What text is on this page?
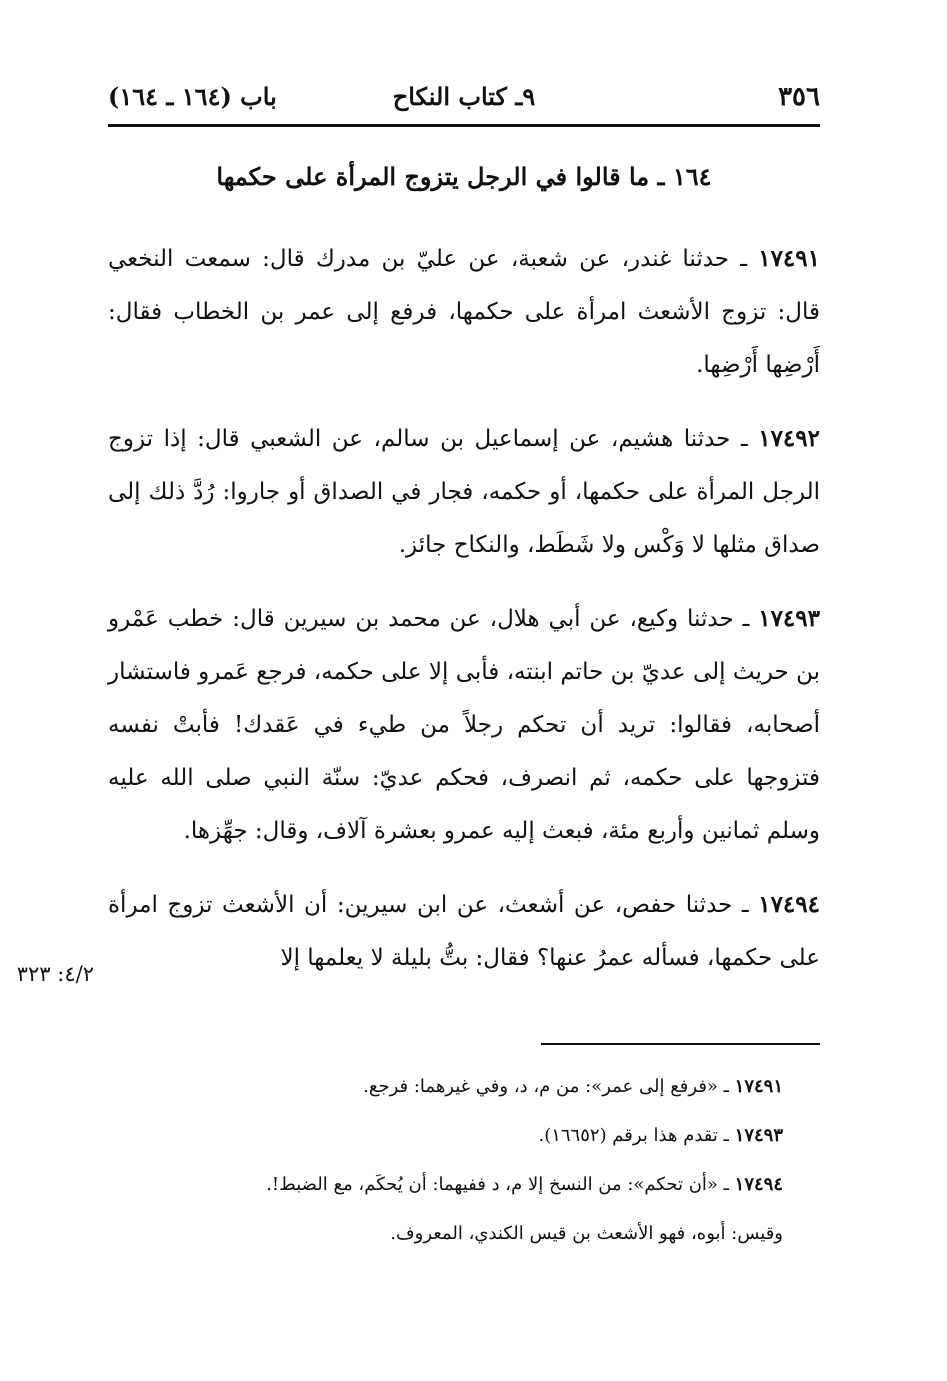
٣٥٦
٩ـ كتاب النكاح
باب (١٦٤ ـ ١٦٤)
١٦٤ ـ ما قالوا في الرجل يتزوج المرأة على حكمها

١٧٤٩١ ـ حدثنا غندر، عن شعبة، عن عليّ بن مدرك قال: سمعت النخعي قال: تزوج الأشعث امرأة على حكمها، فرفع إلى عمر بن الخطاب فقال: أَرْضِها أَرْضِها.

١٧٤٩٢ ـ حدثنا هشيم، عن إسماعيل بن سالم، عن الشعبي قال: إذا تزوج الرجل المرأة على حكمها، أو حكمه، فجار في الصداق أو جاروا: رُدَّ ذلك إلى صداق مثلها لا وَكْس ولا شَطَط، والنكاح جائز.

١٧٤٩٣ ـ حدثنا وكيع، عن أبي هلال، عن محمد بن سيرين قال: خطب عَمْرو بن حريث إلى عديّ بن حاتم ابنته، فأبى إلا على حكمه، فرجع عَمرو فاستشار أصحابه، فقالوا: تريد أن تحكم رجلاً من طيء في عَقدك! فأبتْ نفسه فتزوجها على حكمه، ثم انصرف، فحكم عديّ: سنّة النبي صلى الله عليه وسلم ثمانين وأربع مئة، فبعث إليه عمرو بعشرة آلاف، وقال: جهِّزها.

١٧٤٩٤ ـ حدثنا حفص، عن أشعث، عن ابن سيرين: أن الأشعث تزوج امرأة على حكمها، فسأله عمرُ عنها؟ فقال: بتُّ بليلة لا يعلمها إلا

٤/٢: ٣٢٣
١٧٤٩١ ـ «فرفع إلى عمر»: من م، د، وفي غيرهما: فرجع.
١٧٤٩٣ ـ تقدم هذا برقم (١٦٦٥٢).
١٧٤٩٤ ـ «أن تحكم»: من النسخ إلا م، د ففيهما: أن يُحكَم، مع الضبط!.
وقيس: أبوه، فهو الأشعث بن قيس الكندي، المعروف.
